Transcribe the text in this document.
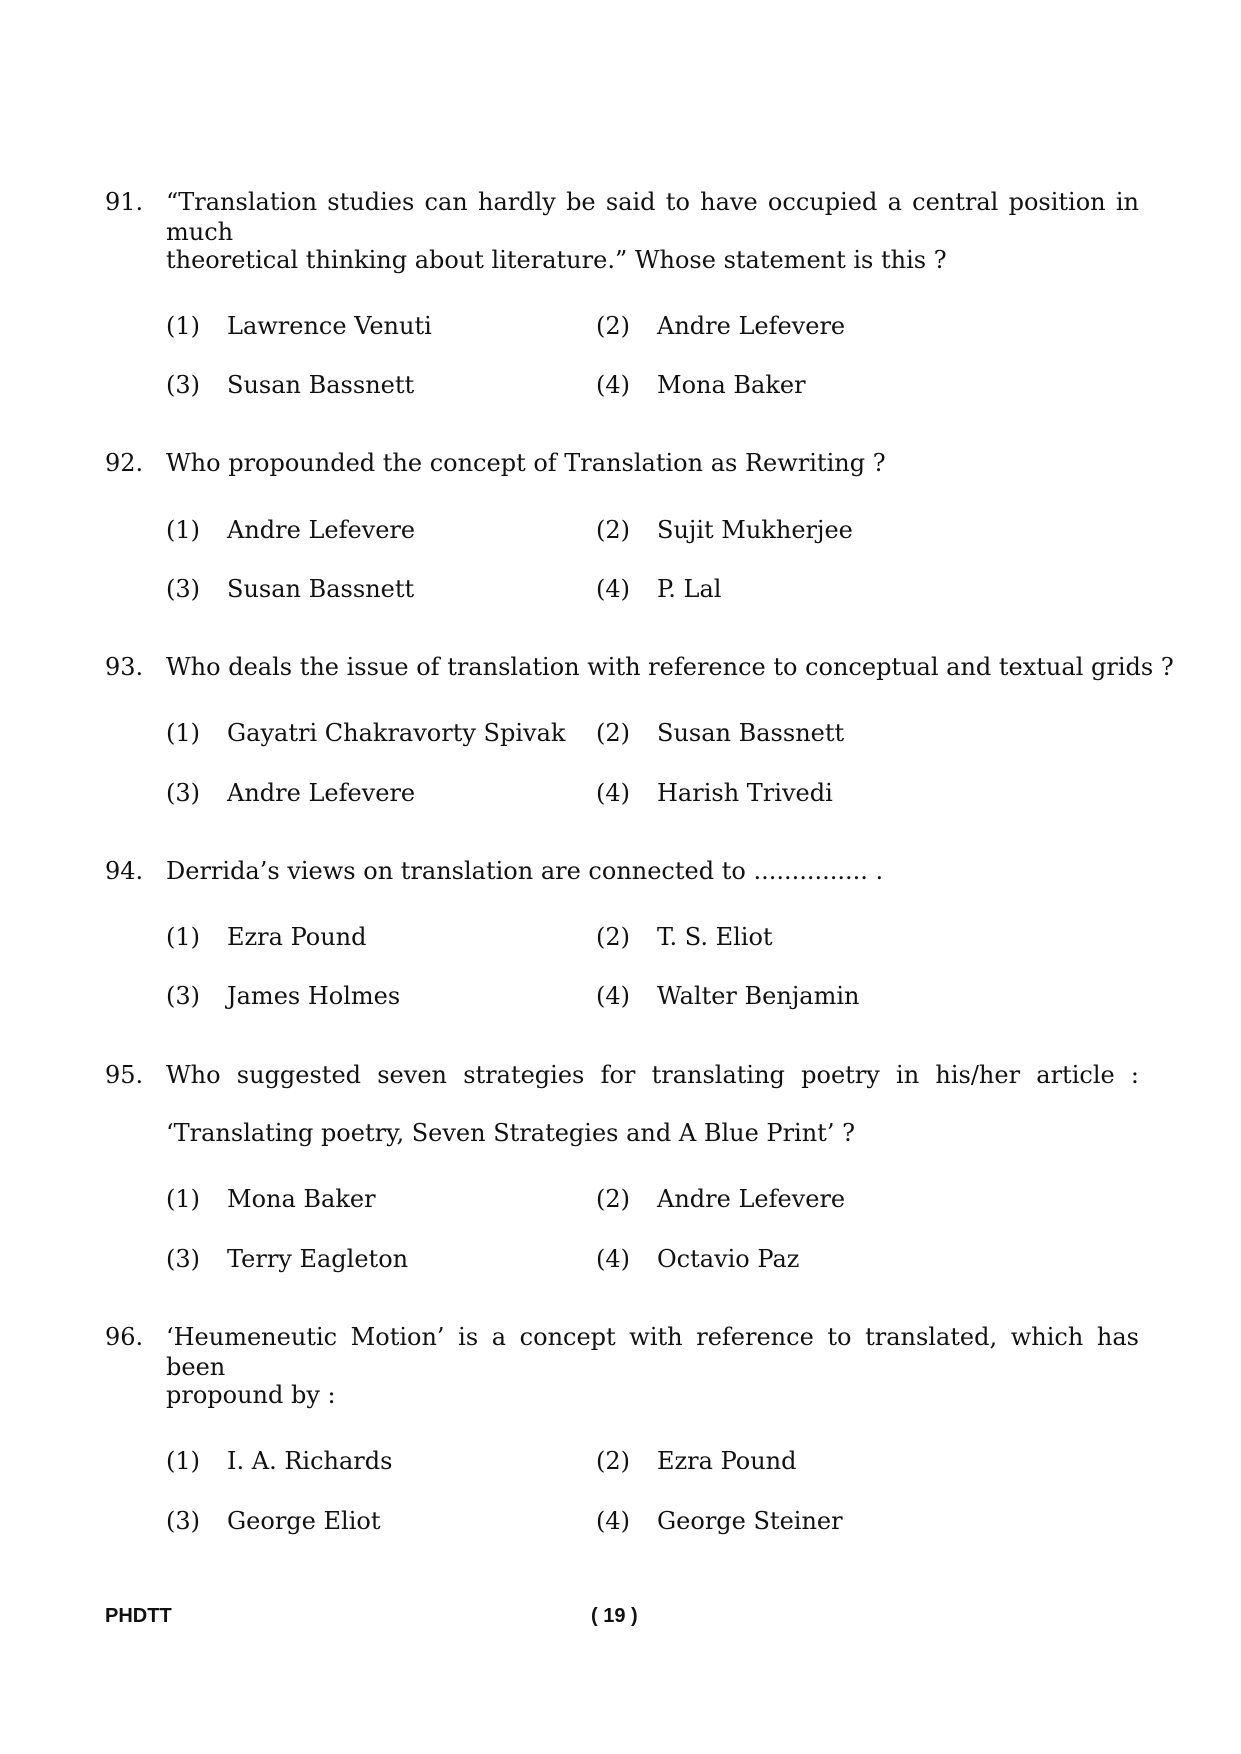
91. “Translation studies can hardly be said to have occupied a central position in much
theoretical thinking about literature.” Whose statement is this ?
(1) Lawrence Venuti	(2) Andre Lefevere
(3) Susan Bassnett	(4) Mona Baker
92. Who propounded the concept of Translation as Rewriting ?
(1) Andre Lefevere	(2) Sujit Mukherjee
(3) Susan Bassnett	(4) P. Lal
93. Who deals the issue of translation with reference to conceptual and textual grids ?
(1) Gayatri Chakravorty Spivak (2) Susan Bassnett
(3) Andre Lefevere	(4) Harish Trivedi
94. Derrida’s views on translation are connected to ............... .
(1) Ezra Pound	(2) T. S. Eliot
(3) James Holmes	(4) Walter Benjamin
95. Who suggested seven strategies for translating poetry in his/her article :
‘Translating poetry, Seven Strategies and A Blue Print’ ?
(1) Mona Baker	(2) Andre Lefevere
(3) Terry Eagleton	(4) Octavio Paz
96. ‘Heumeneutic Motion’ is a concept with reference to translated, which has been
propound by :
(1) I. A. Richards	(2) Ezra Pound
(3) George Eliot	(4) George Steiner
PHDTT	( 19 )
